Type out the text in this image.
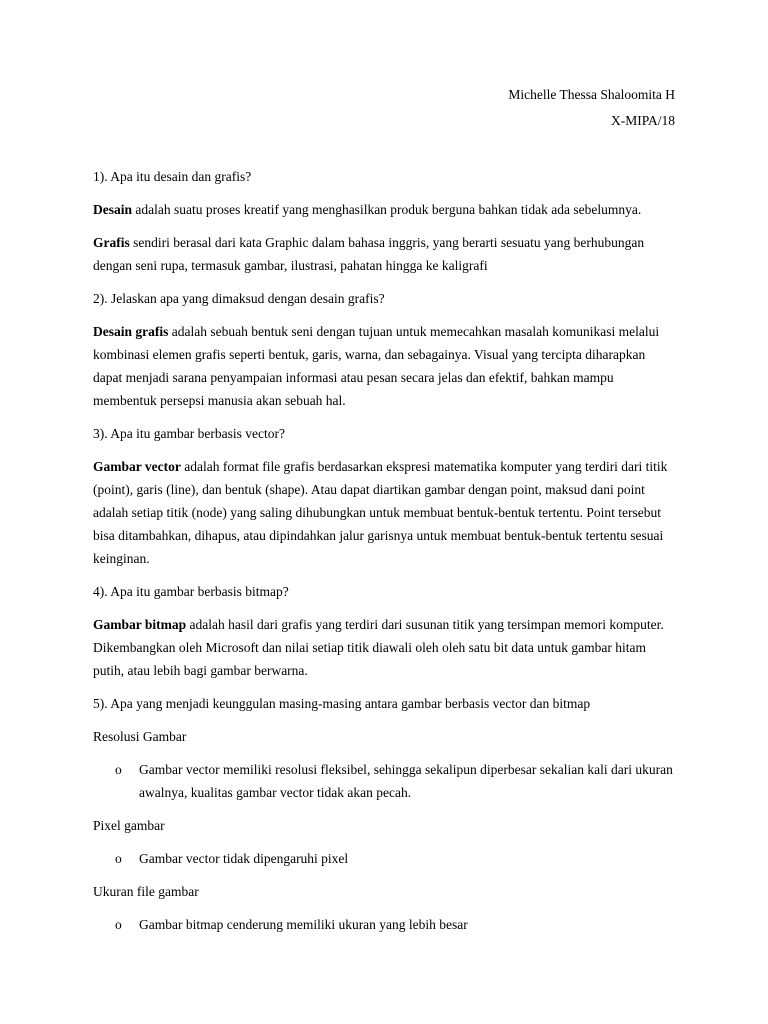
Michelle Thessa Shaloomita H
X-MIPA/18

1). Apa itu desain dan grafis?

Desain adalah suatu proses kreatif yang menghasilkan produk berguna bahkan tidak ada sebelumnya.

Grafis sendiri berasal dari kata Graphic dalam bahasa inggris, yang berarti sesuatu yang berhubungan dengan seni rupa, termasuk gambar, ilustrasi, pahatan hingga ke kaligrafi

2). Jelaskan apa yang dimaksud dengan desain grafis?

Desain grafis adalah sebuah bentuk seni dengan tujuan untuk memecahkan masalah komunikasi melalui kombinasi elemen grafis seperti bentuk, garis, warna, dan sebagainya. Visual yang tercipta diharapkan dapat menjadi sarana penyampaian informasi atau pesan secara jelas dan efektif, bahkan mampu membentuk persepsi manusia akan sebuah hal.

3). Apa itu gambar berbasis vector?

Gambar vector adalah format file grafis berdasarkan ekspresi matematika komputer yang terdiri dari titik (point), garis (line), dan bentuk (shape). Atau dapat diartikan gambar dengan point, maksud dani point adalah setiap titik (node) yang saling dihubungkan untuk membuat bentuk-bentuk tertentu. Point tersebut bisa ditambahkan, dihapus, atau dipindahkan jalur garisnya untuk membuat bentuk-bentuk tertentu sesuai keinginan.

4). Apa itu gambar berbasis bitmap?

Gambar bitmap adalah hasil dari grafis yang terdiri dari susunan titik yang tersimpan memori komputer. Dikembangkan oleh Microsoft dan nilai setiap titik diawali oleh oleh satu bit data untuk gambar hitam putih, atau lebih bagi gambar berwarna.

5). Apa yang menjadi keunggulan masing-masing antara gambar berbasis vector dan bitmap

Resolusi Gambar

o Gambar vector memiliki resolusi fleksibel, sehingga sekalipun diperbesar sekalian kali dari ukuran awalnya, kualitas gambar vector tidak akan pecah.

Pixel gambar

o Gambar vector tidak dipengaruhi pixel

Ukuran file gambar

o Gambar bitmap cenderung memiliki ukuran yang lebih besar
